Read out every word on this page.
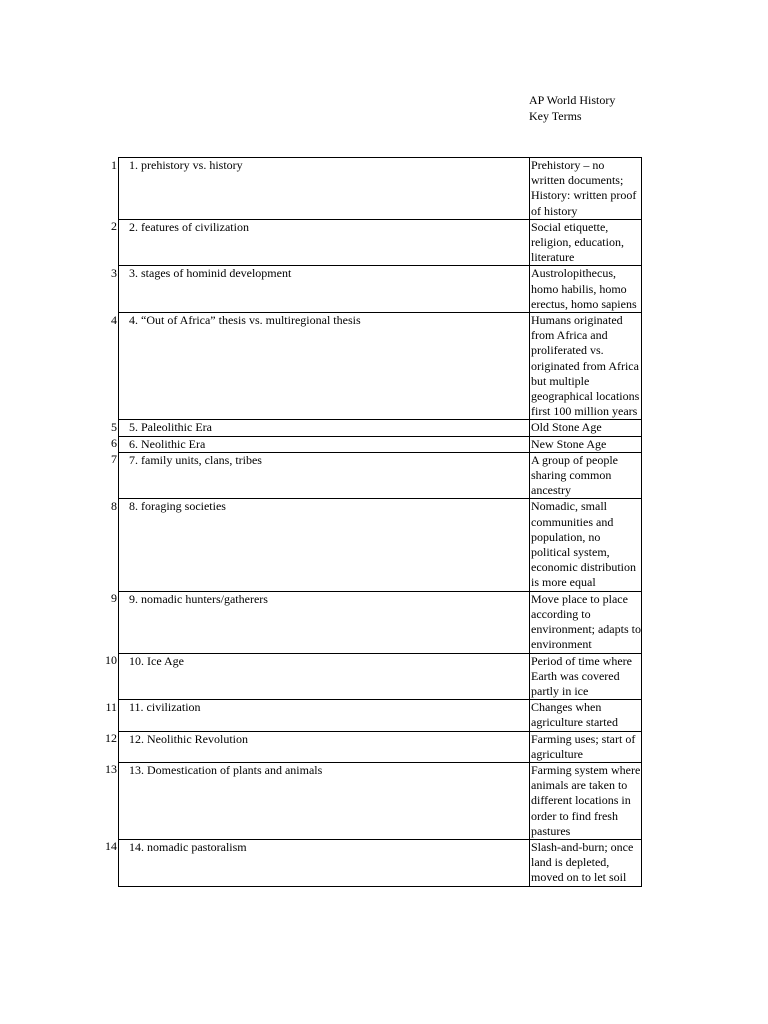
AP World History
Key Terms
1	1. prehistory vs. history	Prehistory – no written documents; History: written proof of history
2	2. features of civilization	Social etiquette, religion, education, literature
3	3. stages of hominid development	Austrolopithecus, homo habilis, homo erectus, homo sapiens
4	4. “Out of Africa” thesis vs. multiregional thesis	Humans originated from Africa and proliferated vs. originated from Africa but multiple geographical locations first 100 million years
5	5. Paleolithic Era	Old Stone Age
6	6. Neolithic Era	New Stone Age
7	7. family units, clans, tribes	A group of people sharing common ancestry
8	8. foraging societies	Nomadic, small communities and population, no political system, economic distribution is more equal
9	9. nomadic hunters/gatherers	Move place to place according to environment; adapts to environment
10	10. Ice Age	Period of time where Earth was covered partly in ice
11	11. civilization	Changes when agriculture started
12	12. Neolithic Revolution	Farming uses; start of agriculture
13	13. Domestication of plants and animals	Farming system where animals are taken to different locations in order to find fresh pastures
14	14. nomadic pastoralism	Slash-and-burn; once land is depleted, moved on to let soil
